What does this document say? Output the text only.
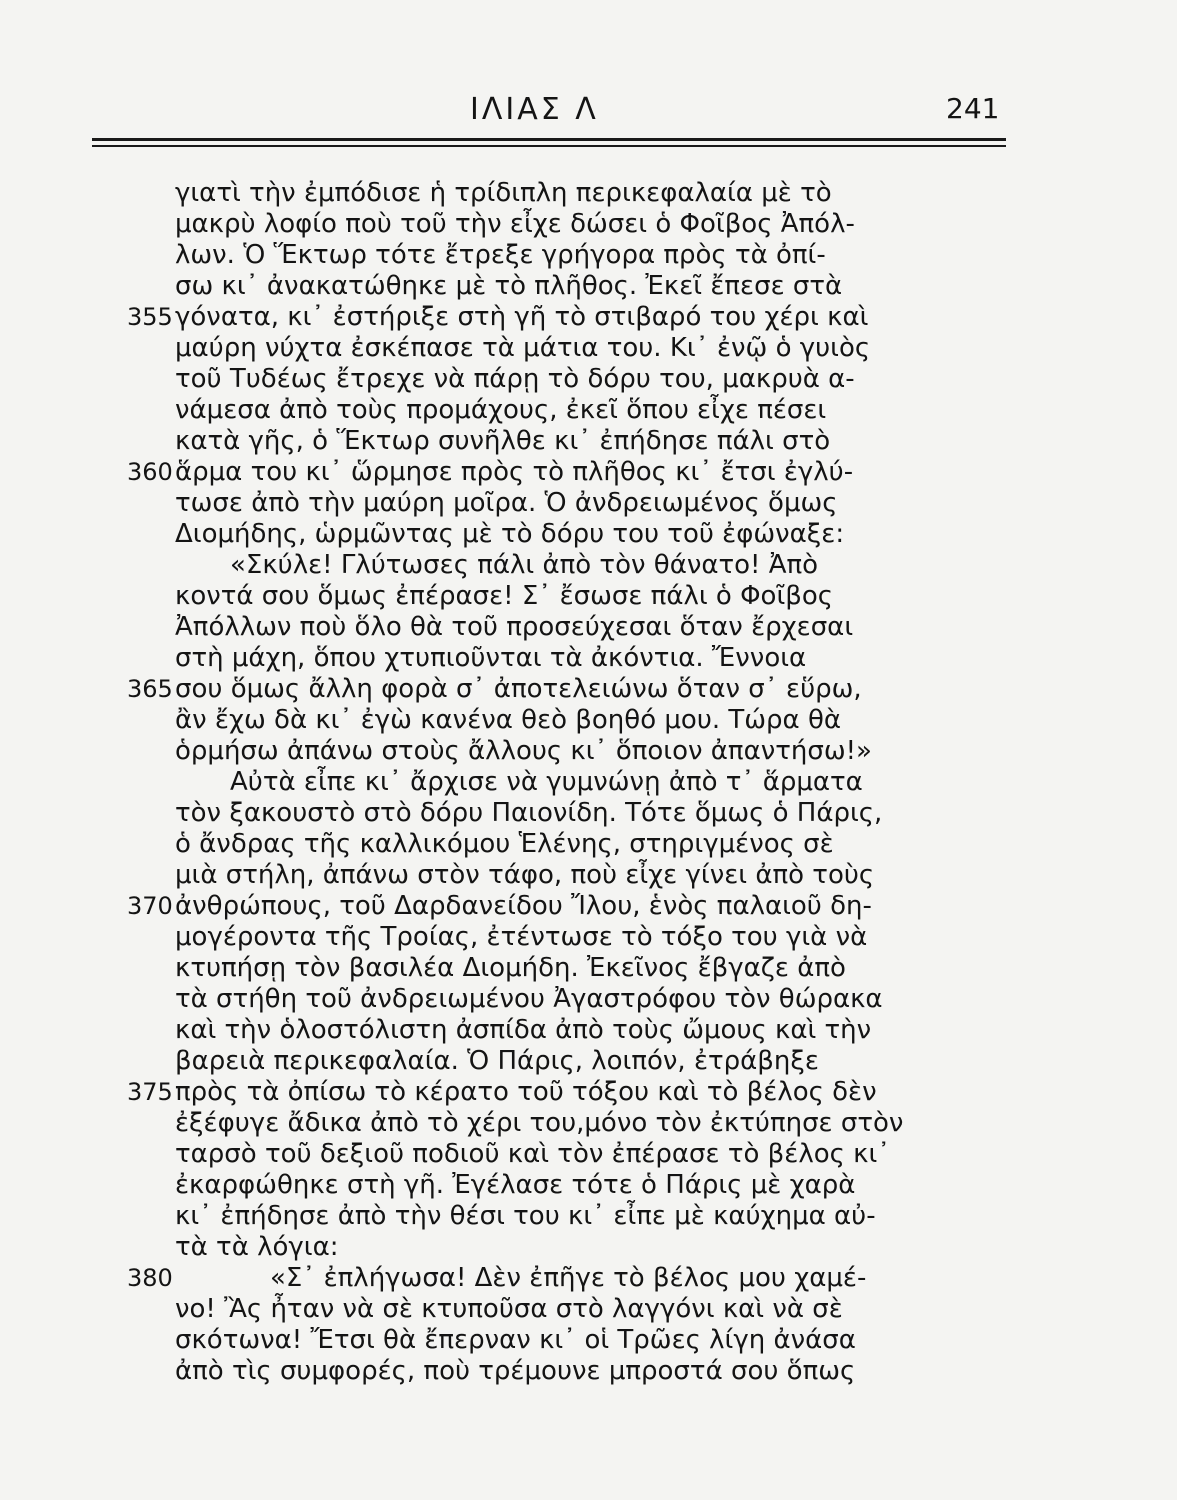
ΙΛΙΑΣ Λ	241
γιατὶ τὴν ἐμπόδισε ἡ τρίδιπλη περικεφαλαία μὲ τὸ
μακρὺ λοφίο ποὺ τοῦ τὴν εἶχε δώσει ὁ Φοῖβος Ἀπόλ-
λων. Ὁ Ἕκτωρ τότε ἔτρεξε γρήγορα πρὸς τὰ ὀπί-
σω κι᾿ ἀνακατώθηκε μὲ τὸ πλῆθος. Ἐκεῖ ἔπεσε στὰ
355 γόνατα, κι᾿ ἐστήριξε στὴ γῆ τὸ στιβαρό του χέρι καὶ
μαύρη νύχτα ἐσκέπασε τὰ μάτια του. Κι᾿ ἐνῷ ὁ γυιὸς
τοῦ Τυδέως ἔτρεχε νὰ πάρῃ τὸ δόρυ του, μακρυὰ α-
νάμεσα ἀπὸ τοὺς προμάχους, ἐκεῖ ὅπου εἶχε πέσει
κατὰ γῆς, ὁ Ἕκτωρ συνῆλθε κι᾿ ἐπήδησε πάλι στὸ
360 ἅρμα του κι᾿ ὥρμησε πρὸς τὸ πλῆθος κι᾿ ἔτσι ἐγλύ-
τωσε ἀπὸ τὴν μαύρη μοῖρα. Ὁ ἀνδρειωμένος ὅμως
Διομήδης, ὡρμῶντας μὲ τὸ δόρυ του τοῦ ἐφώναξε:
«Σκύλε! Γλύτωσες πάλι ἀπὸ τὸν θάνατο! Ἀπὸ
κοντά σου ὅμως ἐπέρασε! Σ᾿ ἔσωσε πάλι ὁ Φοῖβος
Ἀπόλλων ποὺ ὅλο θὰ τοῦ προσεύχεσαι ὅταν ἔρχεσαι
στὴ μάχη, ὅπου χτυπιοῦνται τὰ ἀκόντια. Ἔννοια
365 σου ὅμως ἄλλη φορὰ σ᾿ ἀποτελειώνω ὅταν σ᾿ εὕρω,
ἂν ἔχω δὰ κι᾿ ἐγὼ κανένα θεὸ βοηθό μου. Τώρα θὰ
ὁρμήσω ἀπάνω στοὺς ἄλλους κι᾿ ὅποιον ἀπαντήσω!»
Αὐτὰ εἶπε κι᾿ ἄρχισε νὰ γυμνώνῃ ἀπὸ τ᾿ ἅρματα
τὸν ξακουστὸ στὸ δόρυ Παιονίδη. Τότε ὅμως ὁ Πάρις,
ὁ ἄνδρας τῆς καλλικόμου Ἑλένης, στηριγμένος σὲ
μιὰ στήλη, ἀπάνω στὸν τάφο, ποὺ εἶχε γίνει ἀπὸ τοὺς
370 ἀνθρώπους, τοῦ Δαρδανείδου Ἴλου, ἑνὸς παλαιοῦ δη-
μογέροντα τῆς Τροίας, ἐτέντωσε τὸ τόξο του γιὰ νὰ
κτυπήσῃ τὸν βασιλέα Διομήδη. Ἐκεῖνος ἔβγαζε ἀπὸ
τὰ στήθη τοῦ ἀνδρειωμένου Ἀγαστρόφου τὸν θώρακα
καὶ τὴν ὁλοστόλιστη ἀσπίδα ἀπὸ τοὺς ὤμους καὶ τὴν
βαρειὰ περικεφαλαία. Ὁ Πάρις, λοιπόν, ἐτράβηξε
375 πρὸς τὰ ὀπίσω τὸ κέρατο τοῦ τόξου καὶ τὸ βέλος δὲν
ἐξέφυγε ἄδικα ἀπὸ τὸ χέρι του,μόνο τὸν ἐκτύπησε στὸν
ταρσὸ τοῦ δεξιοῦ ποδιοῦ καὶ τὸν ἐπέρασε τὸ βέλος κι᾿
ἐκαρφώθηκε στὴ γῆ. Ἐγέλασε τότε ὁ Πάρις μὲ χαρὰ
κι᾿ ἐπήδησε ἀπὸ τὴν θέσι του κι᾿ εἶπε μὲ καύχημα αὐ-
τὰ τὰ λόγια:
380	«Σ᾿ ἐπλήγωσα! Δὲν ἐπῆγε τὸ βέλος μου χαμέ-
νο! Ἂς ἦταν νὰ σὲ κτυποῦσα στὸ λαγγόνι καὶ νὰ σὲ
σκότωνα! Ἔτσι θὰ ἔπερναν κι᾿ οἱ Τρῶες λίγη ἀνάσα
ἀπὸ τὶς συμφορές, ποὺ τρέμουνε μπροστά σου ὅπως
